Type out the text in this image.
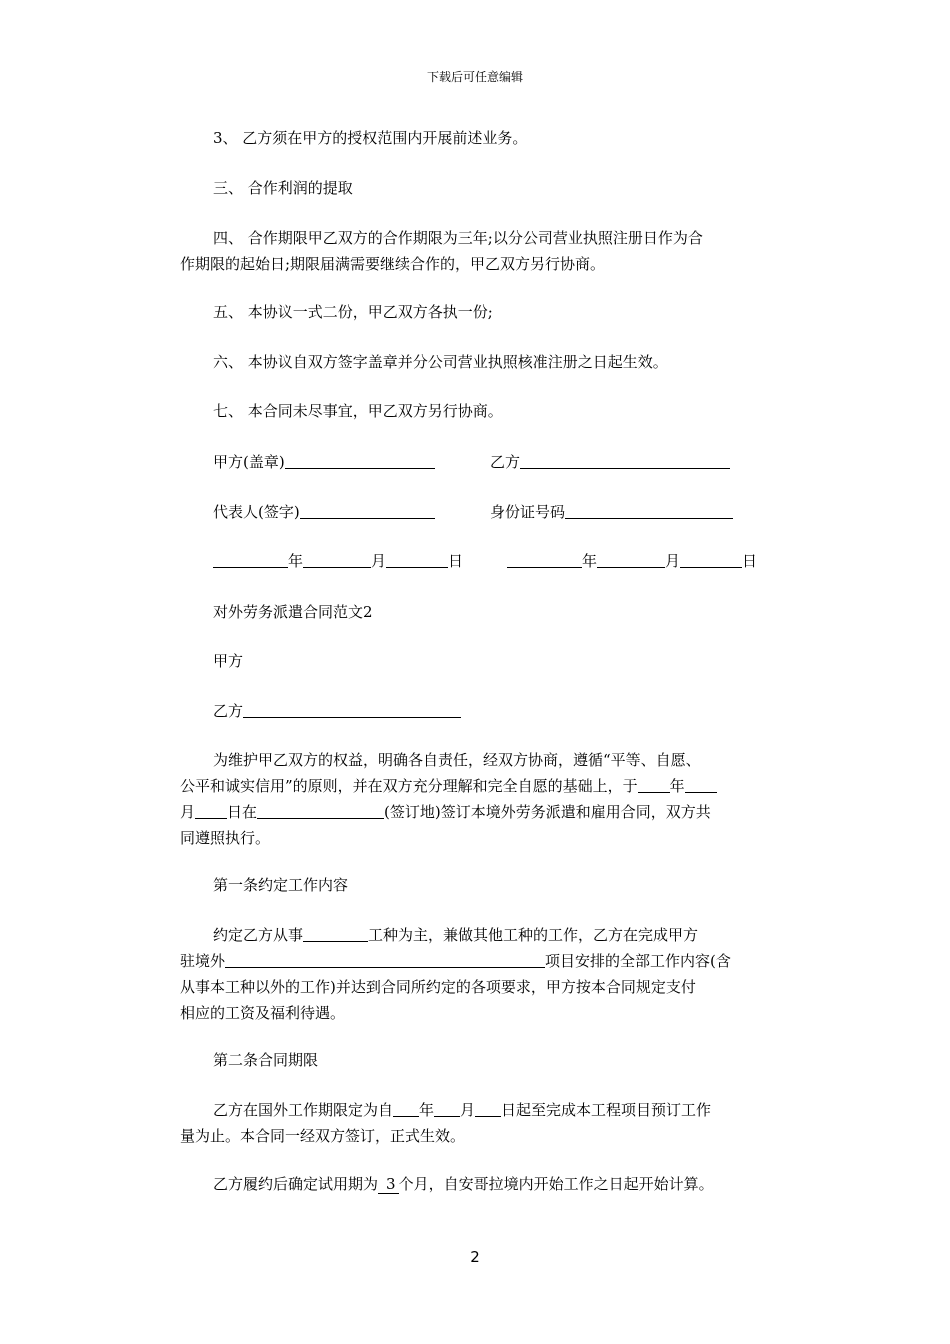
下载后可任意编辑
3、 乙方须在甲方的授权范围内开展前述业务。
三、 合作利润的提取
四、 合作期限甲乙双方的合作期限为三年;以分公司营业执照注册日作为合
作期限的起始日;期限届满需要继续合作的，甲乙双方另行协商。
五、 本协议一式二份，甲乙双方各执一份;
六、 本协议自双方签字盖章并分公司营业执照核准注册之日起生效。
七、 本合同未尽事宜，甲乙双方另行协商。
甲方(盖章)	乙方
代表人(签字)	身份证号码
年	月	日	年	月	日
对外劳务派遣合同范文2
甲方
乙方
为维护甲乙双方的权益，明确各自责任，经双方协商，遵循“平等、自愿、
公平和诚实信用”的原则，并在双方充分理解和完全自愿的基础上，于 年
月 日在	(签订地)签订本境外劳务派遣和雇用合同，双方共
同遵照执行。
第一条约定工作内容
约定乙方从事	工种为主，兼做其他工种的工作，乙方在完成甲方
驻境外	项目安排的全部工作内容(含
从事本工种以外的工作)并达到合同所约定的各项要求，甲方按本合同规定支付
相应的工资及福利待遇。
第二条合同期限
乙方在国外工作期限定为自 年 月 日起至完成本工程项目预订工作
量为止。本合同一经双方签订，正式生效。
乙方履约后确定试用期为 3 个月，自安哥拉境内开始工作之日起开始计算。
2
